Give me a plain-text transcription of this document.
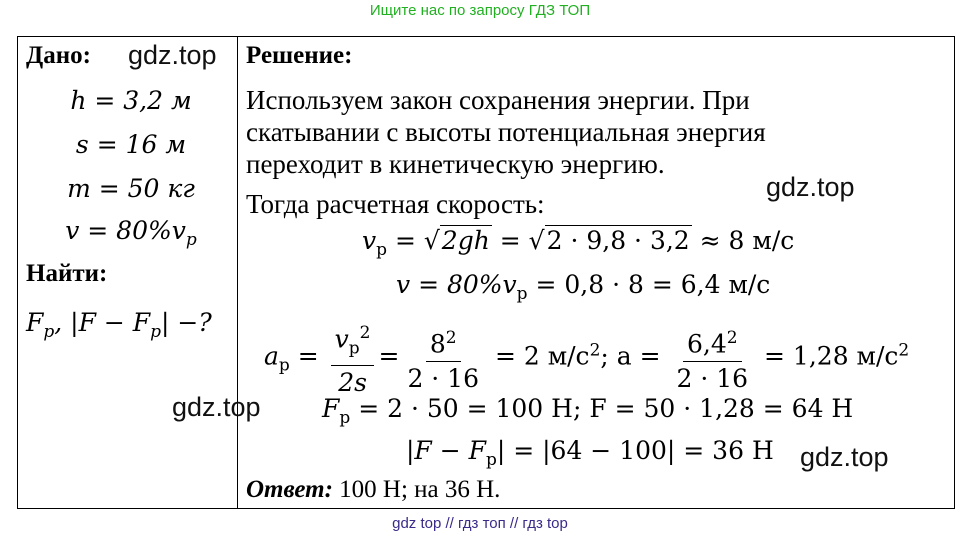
Ищите нас по запросу ГДЗ ТОП
Дано:
h = 3,2 м
s = 16 м
m = 50 кг
$v = 80\%v_р$
Найти:
$F_р$, $|F - F_р|$ −?
Решение:
Используем закон сохранения энергии. При
скатывании с высоты потенциальная энергия
переходит в кинетическую энергию.
Тогда расчетная скорость:
$v_р = √2gh = √2 \cdot 9,8 \cdot 3,2 \approx 8$ м/с
$v = 80\%v_р = 0,8 \cdot 8 = 6,4$ м/с
$a_р = \frac{v_р^2}{2s} = \frac{8^2}{2 \cdot 16} = 2$ $м/с^2$; $a = \frac{6,4^2}{2 \cdot 16} = 1,28$ $м/с^2$
$F_р = 2 \cdot 50 = 100$ Н; F = 50 · 1,28 = 64 Н
$|F - F_р| = |64 - 100| = 36$ Н
Ответ: 100 Н; на 36 Н.
gdz.top
gdz.top
gdz.top
gdz.top
gdz top // гдз топ // гдз top
